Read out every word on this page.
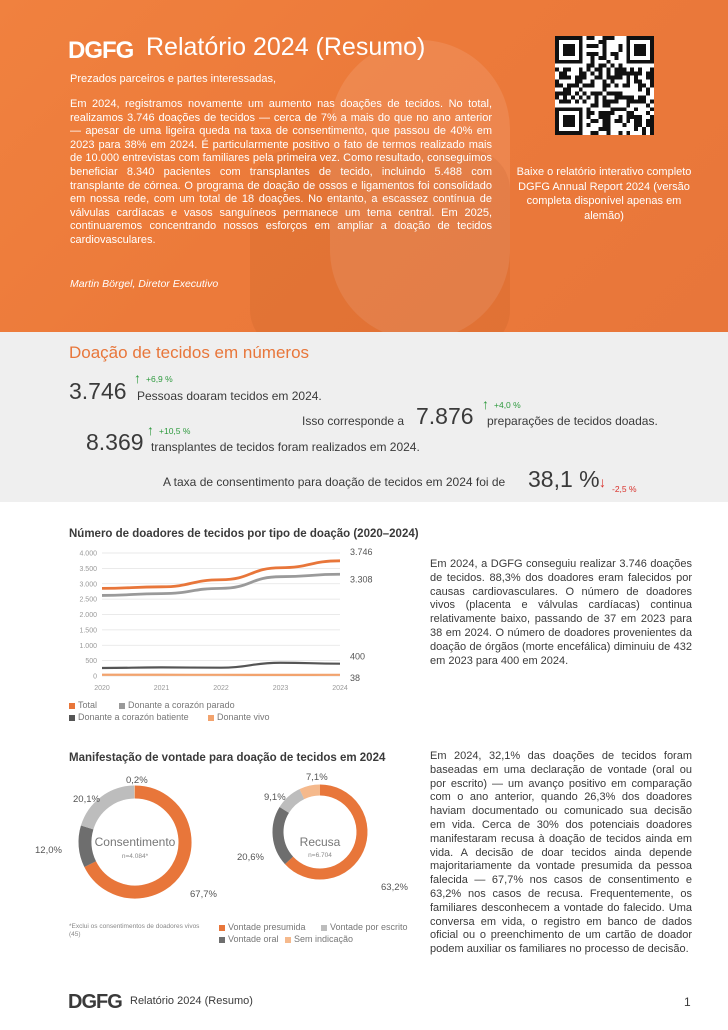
DGFG Relatório 2024 (Resumo)
Prezados parceiros e partes interessadas,

Em 2024, registramos novamente um aumento nas doações de tecidos. No total, realizamos 3.746 doações de tecidos — cerca de 7% a mais do que no ano anterior — apesar de uma ligeira queda na taxa de consentimento, que passou de 40% em 2023 para 38% em 2024. É particularmente positivo o fato de termos realizado mais de 10.000 entrevistas com familiares pela primeira vez. Como resultado, conseguimos beneficiar 8.340 pacientes com transplantes de tecido, incluindo 5.488 com transplante de córnea. O programa de doação de ossos e ligamentos foi consolidado em nossa rede, com um total de 18 doações. No entanto, a escassez contínua de válvulas cardíacas e vasos sanguíneos permanece um tema central. Em 2025, continuaremos concentrando nossos esforços em ampliar a doação de tecidos cardiovasculares.

Martin Börgel, Diretor Executivo
Baixe o relatório interativo completo DGFG Annual Report 2024 (versão completa disponível apenas em alemão)
Doação de tecidos em números
3.746 ↑ +6,9 %
Pessoas doaram tecidos em 2024.
Isso corresponde a 7.876 ↑ +4,0 %
preparações de tecidos doadas.
8.369 ↑ +10,5 %
transplantes de tecidos foram realizados em 2024.
A taxa de consentimento para doação de tecidos em 2024 foi de 38,1 % ↓ -2,5 %
Número de doadores de tecidos por tipo de doação (2020–2024)
0
500
1.000
1.500
2.000
2.500
3.000
3.500
4.000
2020	2021	2022	2023	2024
3.746
3.308
400
38
Total	Donante a corazón parado
Donante a corazón batiente	Donante vivo

Em 2024, a DGFG conseguiu realizar 3.746 doações de tecidos. 88,3% dos doadores eram falecidos por causas cardiovasculares. O número de doadores vivos (placenta e válvulas cardíacas) continua relativamente baixo, passando de 37 em 2023 para 38 em 2024. O número de doadores provenientes da doação de órgãos (morte encefálica) diminuiu de 432 em 2023 para 400 em 2024.

Manifestação de vontade para doação de tecidos em 2024
0,2%
20,1%
12,0%
67,7%
Consentimento
n=4.084*
7,1%
9,1%
20,6%
63,2%
Recusa
n=6.704
*Exclui os consentimentos de doadores vivos (45)
Vontade presumida	Vontade por escrito
Vontade oral	Sem indicação

Em 2024, 32,1% das doações de tecidos foram baseadas em uma declaração de vontade (oral ou por escrito) — um avanço positivo em comparação com o ano anterior, quando 26,3% dos doadores haviam documentado ou comunicado sua decisão em vida. Cerca de 30% dos potenciais doadores manifestaram recusa à doação de tecidos ainda em vida. A decisão de doar tecidos ainda depende majoritariamente da vontade presumida da pessoa falecida — 67,7% nos casos de consentimento e 63,2% nos casos de recusa. Frequentemente, os familiares desconhecem a vontade do falecido. Uma conversa em vida, o registro em banco de dados oficial ou o preenchimento de um cartão de doador podem auxiliar os familiares no processo de decisão.

DGFG Relatório 2024 (Resumo)	1
